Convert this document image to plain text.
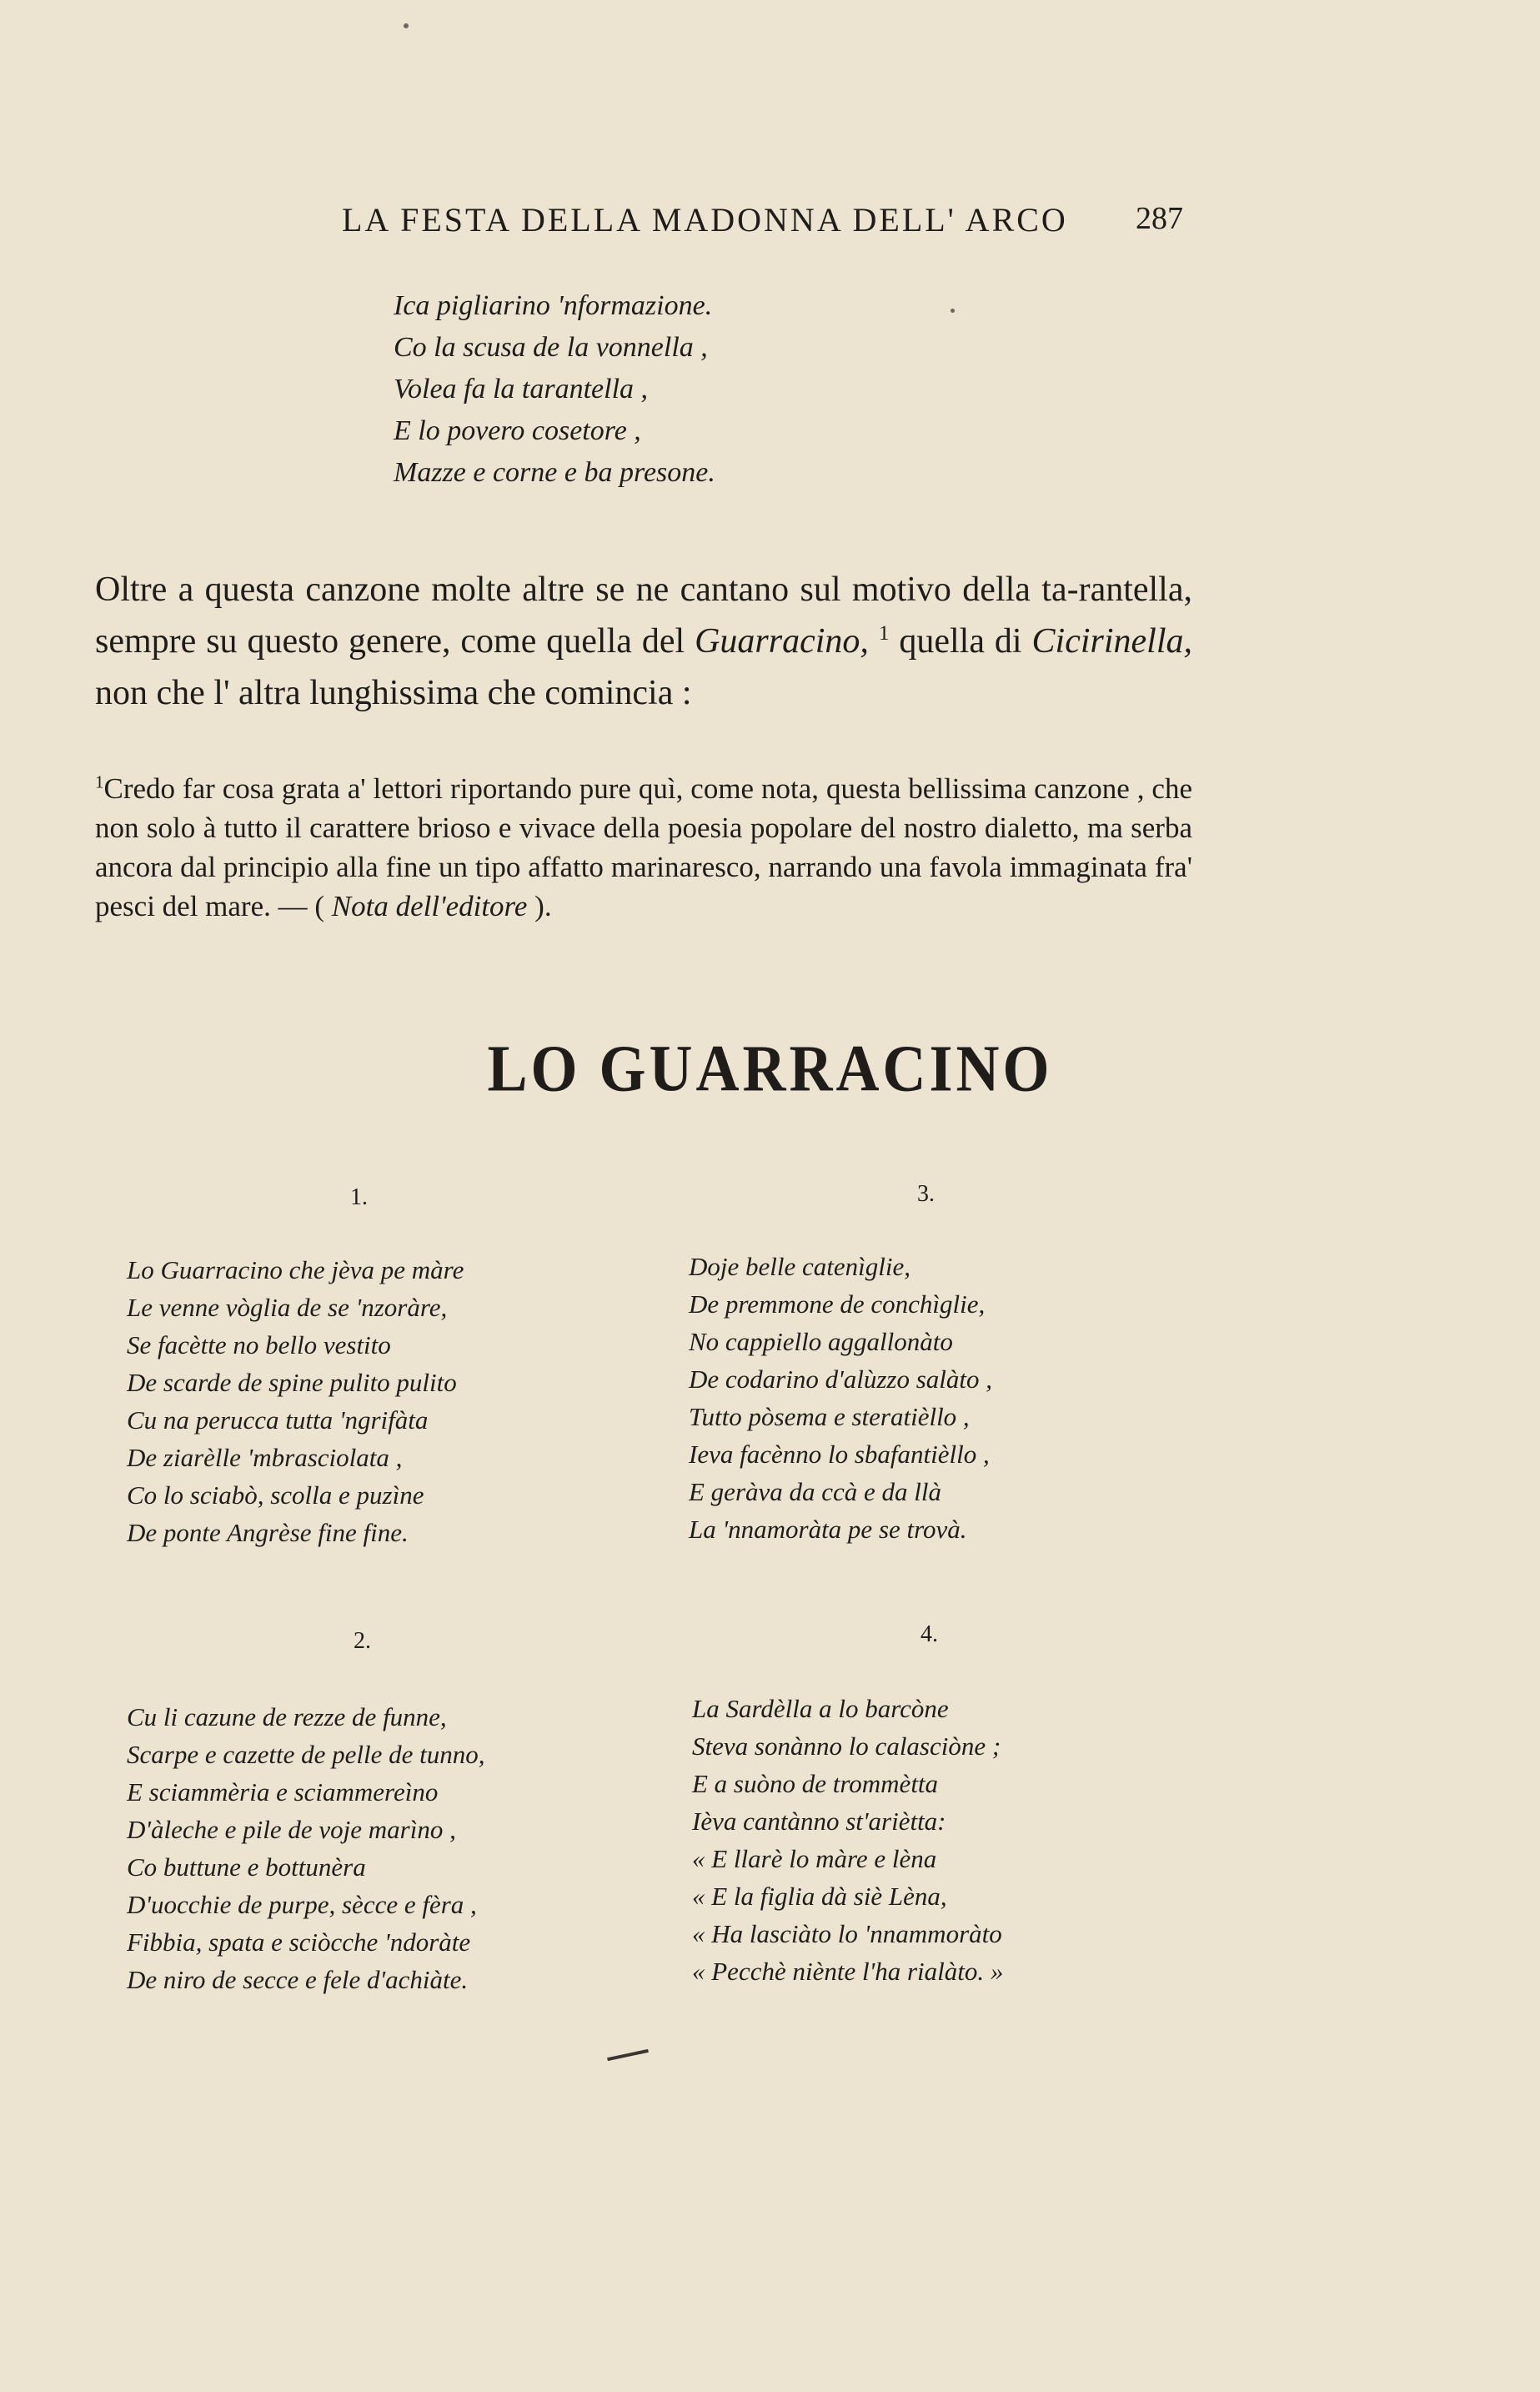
LA FESTA DELLA MADONNA DELL' ARCO 287
Ica pigliarino 'nformazione.
Co la scusa de la vonnella ,
Volea fa la tarantella ,
E lo povero cosetore ,
Mazze e corne e ba presone.
Oltre a questa canzone molte altre se ne cantano sul motivo della ta-rantella, sempre su questo genere, come quella del Guarracino, $^1$ quella di Cicirinella, non che l' altra lunghissima che comincia :
$^1$Credo far cosa grata a' lettori riportando pure quì, come nota, questa bellissima canzone , che non solo à tutto il carattere brioso e vivace della poesia popolare del nostro dialetto, ma serba ancora dal principio alla fine un tipo affatto marinaresco, narrando una favola immaginata fra' pesci del mare. — ( Nota dell'editore ).
LO GUARRACINO
1.
Lo Guarracino che jèva pe màre
Le venne vòglia de se 'nzoràre,
Se facètte no bello vestito
De scarde de spine pulito pulito
Cu na perucca tutta 'ngrifàta
De ziarèlle 'mbrasciolata ,
Co lo sciabò, scolla e puzìne
De ponte Angrèse fine fine.
3.
Doje belle catenìglie,
De premmone de conchìglie,
No cappiello aggallonàto
De codarino d'alùzzo salàto ,
Tutto pòsema e steratièllo ,
Ieva facènno lo sbafantièllo ,
E geràva da ccà e da llà
La 'nnamoràta pe se trovà.
2.
Cu li cazune de rezze de funne,
Scarpe e cazette de pelle de tunno,
E sciammèria e sciammereìno
D'àleche e pile de voje marìno ,
Co buttune e bottunèra
D'uocchie de purpe, sècce e fèra ,
Fibbia, spata e sciòcche 'ndoràte
De niro de secce e fele d'achiàte.
4.
La Sardèlla a lo barcòne
Steva sonànno lo calasciòne ;
E a suòno de trommètta
Ièva cantànno st'ariètta:
« E llarè lo màre e lèna
« E la figlia dà siè Lèna,
« Ha lasciàto lo 'nnammoràto
« Pecchè niènte l'ha rialàto. »
